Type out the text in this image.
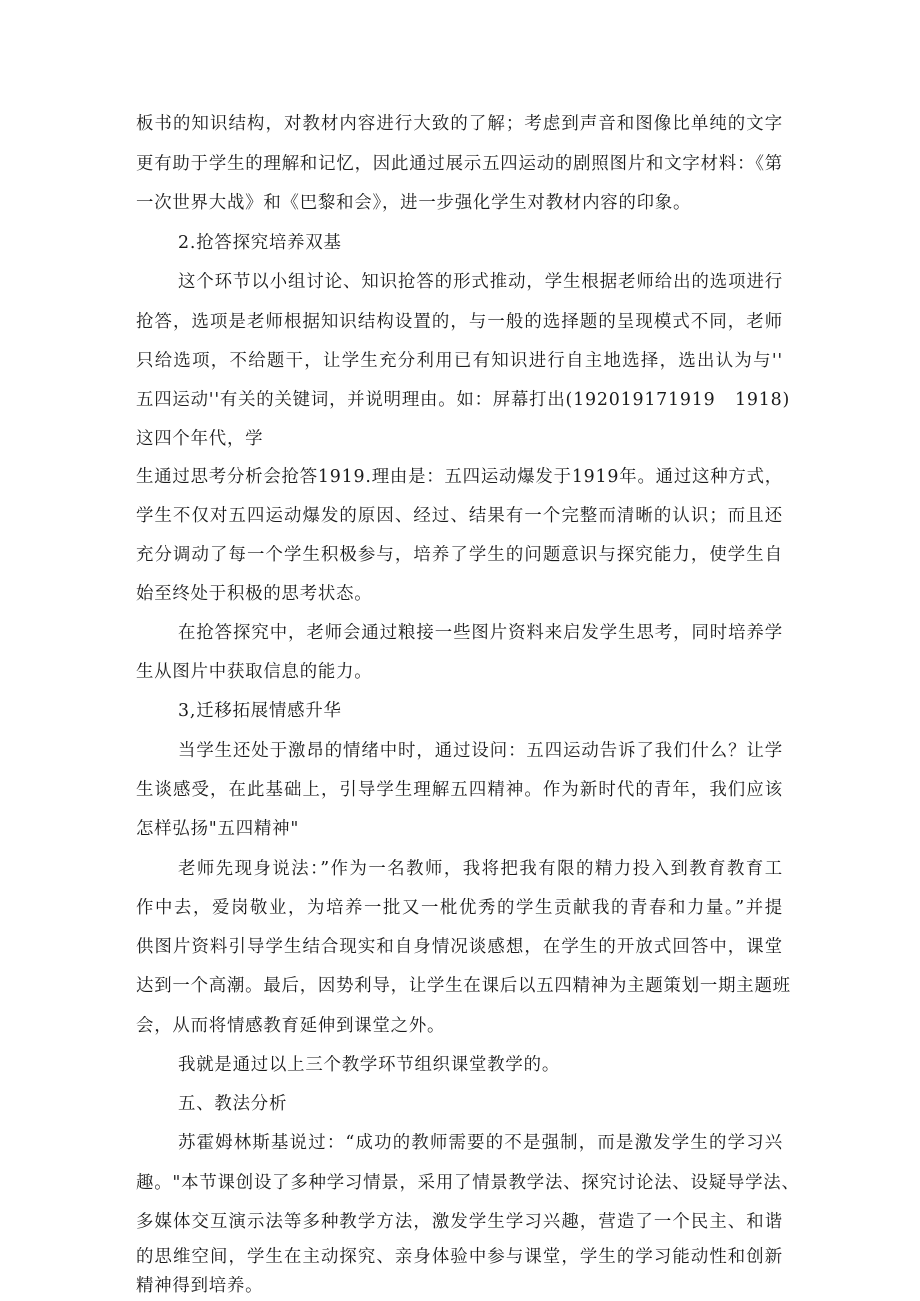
板书的知识结构，对教材内容进行大致的了解；考虑到声音和图像比单纯的文字
更有助于学生的理解和记忆，因此通过展示五四运动的剧照图片和文字材料：《第
一次世界大战》和《巴黎和会》，进一步强化学生对教材内容的印象。
2.抢答探究培养双基
这个环节以小组讨论、知识抢答的形式推动，学生根据老师给出的选项进行
抢答，选项是老师根据知识结构设置的，与一般的选择题的呈现模式不同，老师
只给选项，不给题干，让学生充分利用已有知识进行自主地选择，选出认为与''
五四运动''有关的关键词，并说明理由。如：屏幕打出(192019171919 1918)
这四个年代，学
生通过思考分析会抢答1919.理由是：五四运动爆发于1919年。通过这种方式，
学生不仅对五四运动爆发的原因、经过、结果有一个完整而清晰的认识；而且还
充分调动了每一个学生积极参与，培养了学生的问题意识与探究能力，使学生自
始至终处于积极的思考状态。
在抢答探究中，老师会通过粮接一些图片资料来启发学生思考，同时培养学
生从图片中获取信息的能力。
3,迁移拓展情感升华
当学生还处于激昂的情绪中时，通过设问：五四运动告诉了我们什么？让学
生谈感受，在此基础上，引导学生理解五四精神。作为新时代的青年，我们应该
怎样弘扬"五四精神"
老师先现身说法：”作为一名教师，我将把我有限的精力投入到教育教育工
作中去，爱岗敬业，为培养一批又一枇优秀的学生贡献我的青春和力量。”并提
供图片资料引导学生结合现实和自身情况谈感想，在学生的开放式回答中，课堂
达到一个高潮。最后，因势利导，让学生在课后以五四精神为主题策划一期主题班
会，从而将情感教育延伸到课堂之外。
我就是通过以上三个教学环节组织课堂教学的。
五、教法分析
苏霍姆林斯基说过：“成功的教师需要的不是强制，而是激发学生的学习兴
趣。"本节课创设了多种学习情景，采用了情景教学法、探究讨论法、设疑导学法、
多媒体交互演示法等多种教学方法，激发学生学习兴趣，营造了一个民主、和谐
的思维空间，学生在主动探究、亲身体验中参与课堂，学生的学习能动性和创新
精神得到培养。
